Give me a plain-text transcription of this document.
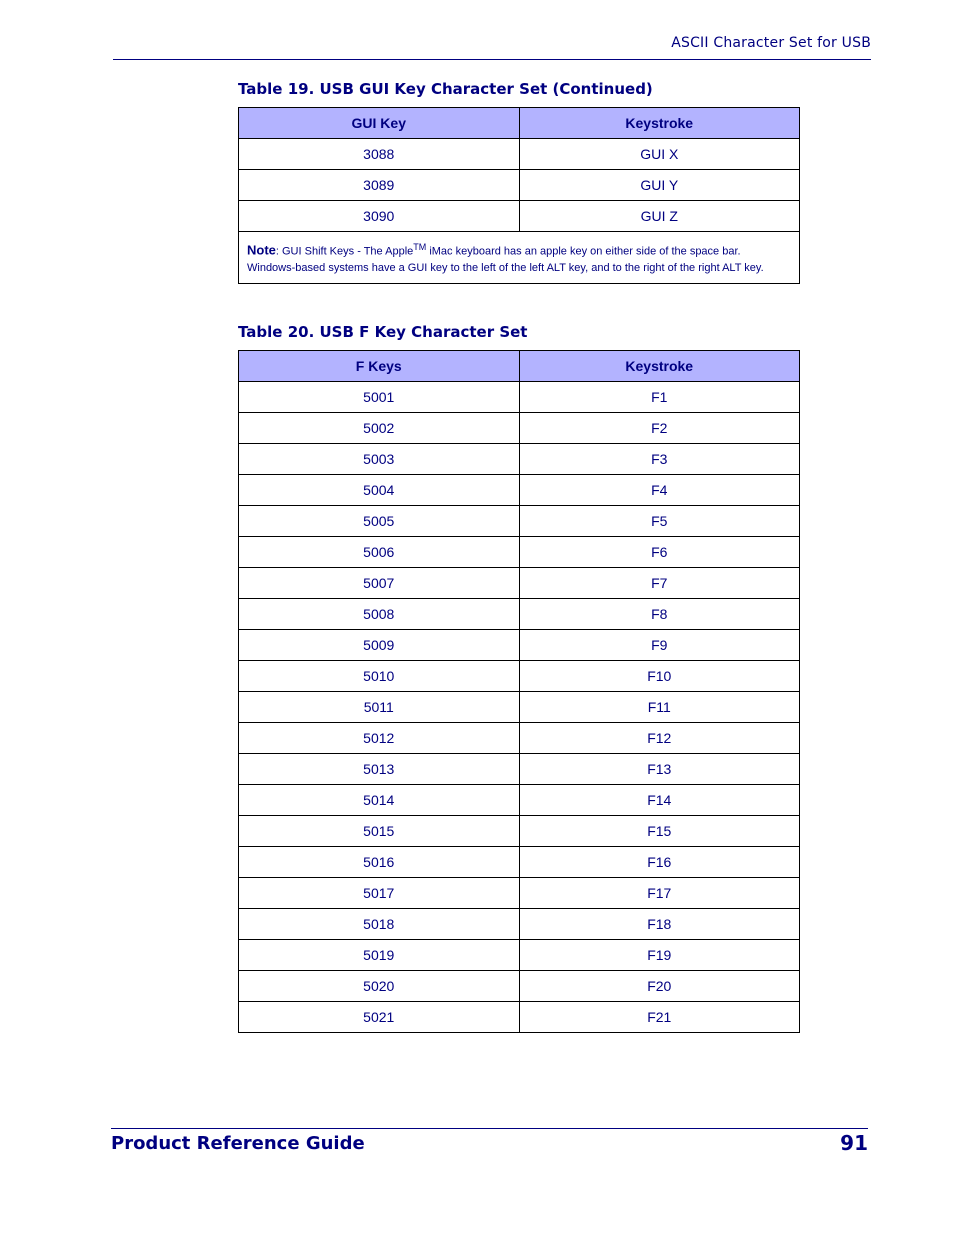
ASCII Character Set for USB
Table 19. USB GUI Key Character Set (Continued)
GUI Key	Keystroke
3088	GUI X
3089	GUI Y
3090	GUI Z
Note: GUI Shift Keys - The Apple™ iMac keyboard has an apple key on either side of the space bar. Windows-based systems have a GUI key to the left of the left ALT key, and to the right of the right ALT key.	
Table 20. USB F Key Character Set
F Keys	Keystroke
5001	F1
5002	F2
5003	F3
5004	F4
5005	F5
5006	F6
5007	F7
5008	F8
5009	F9
5010	F10
5011	F11
5012	F12
5013	F13
5014	F14
5015	F15
5016	F16
5017	F17
5018	F18
5019	F19
5020	F20
5021	F21
Product Reference Guide	91
